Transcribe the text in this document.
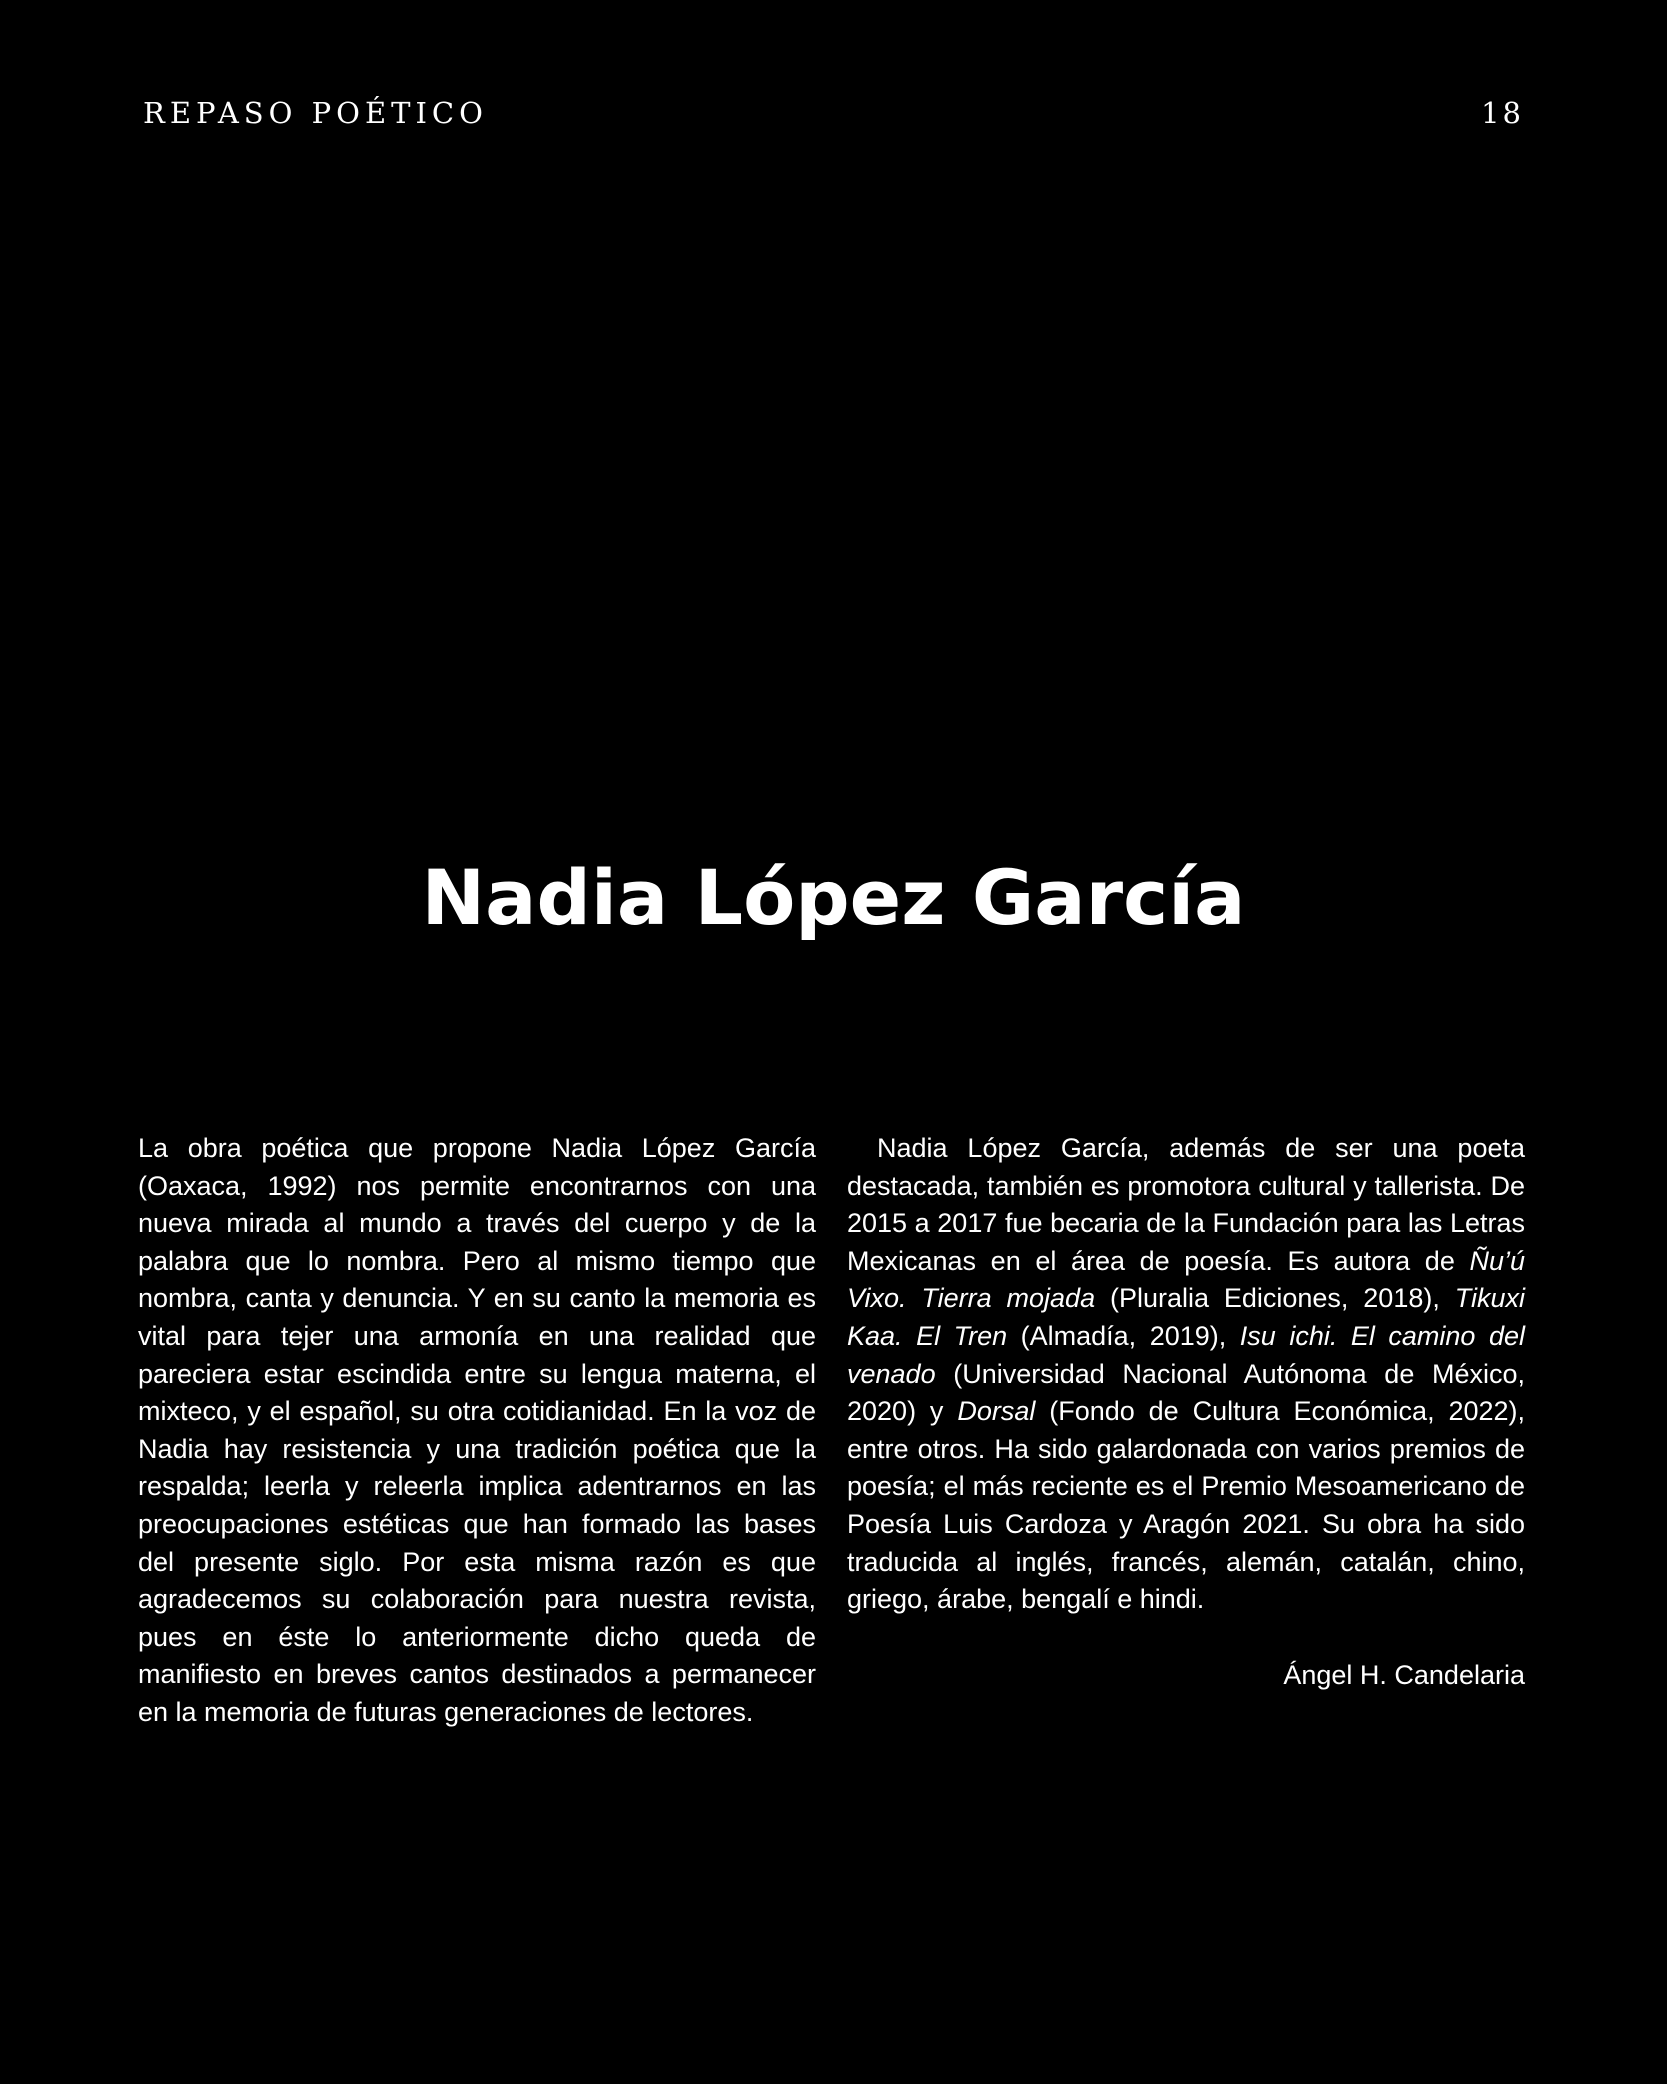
REPASO POÉTICO	18
Nadia López García

La obra poética que propone Nadia López García (Oaxaca, 1992) nos permite encontrarnos con una nueva mirada al mundo a través del cuerpo y de la palabra que lo nombra. Pero al mismo tiempo que nombra, canta y denuncia. Y en su canto la memoria es vital para tejer una armonía en una realidad que pareciera estar escindida entre su lengua materna, el mixteco, y el español, su otra cotidianidad. En la voz de Nadia hay resistencia y una tradición poética que la respalda; leerla y releerla implica adentrarnos en las preocupaciones estéticas que han formado las bases del presente siglo. Por esta misma razón es que agradecemos su colaboración para nuestra revista, pues en éste lo anteriormente dicho queda de manifiesto en breves cantos destinados a permanecer en la memoria de futuras generaciones de lectores.

Nadia López García, además de ser una poeta destacada, también es promotora cultural y tallerista. De 2015 a 2017 fue becaria de la Fundación para las Letras Mexicanas en el área de poesía. Es autora de Ñu’ú Vixo. Tierra mojada (Pluralia Ediciones, 2018), Tikuxi Kaa. El Tren (Almadía, 2019), Isu ichi. El camino del venado (Universidad Nacional Autónoma de México, 2020) y Dorsal (Fondo de Cultura Económica, 2022), entre otros. Ha sido galardonada con varios premios de poesía; el más reciente es el Premio Mesoamericano de Poesía Luis Cardoza y Aragón 2021. Su obra ha sido traducida al inglés, francés, alemán, catalán, chino, griego, árabe, bengalí e hindi.

Ángel H. Candelaria
